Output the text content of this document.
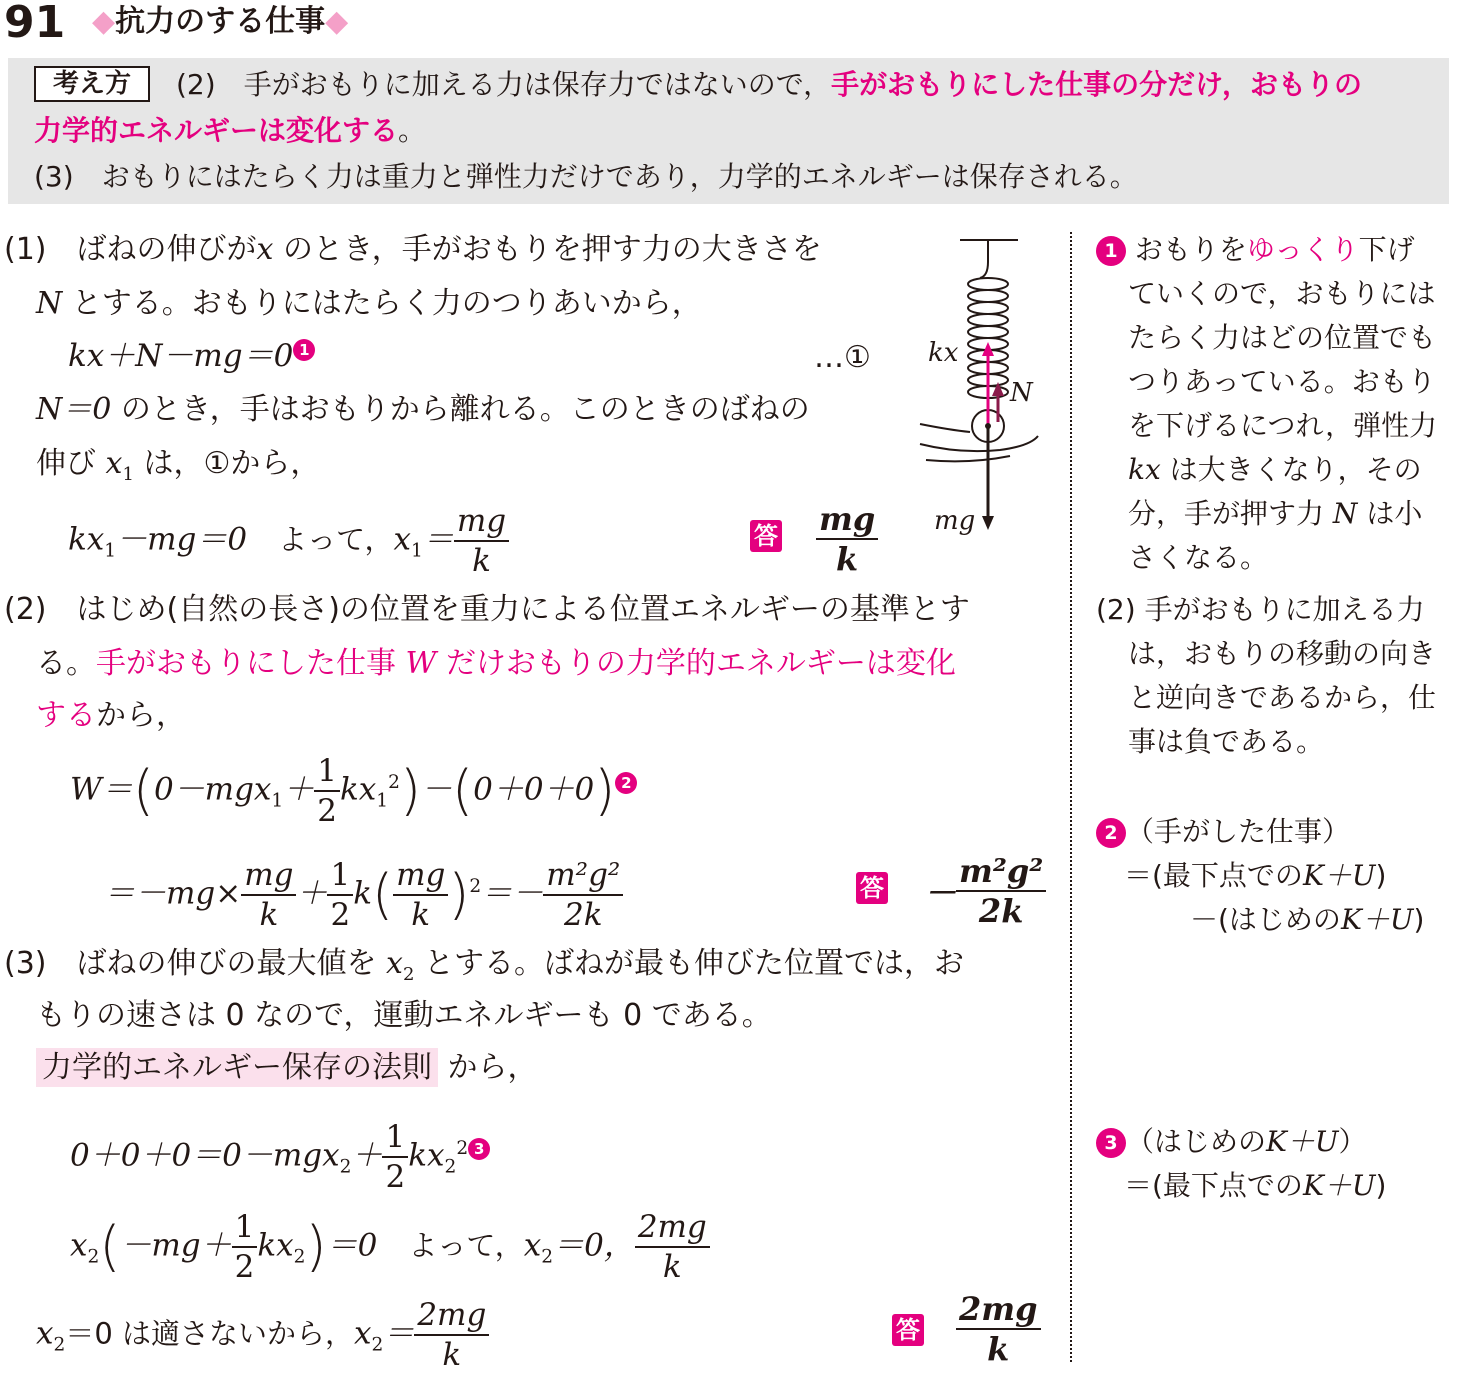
91 ◆抗力のする仕事◆
考え方	(2)　 手がおもりに加える力は保存力ではないので，手がおもりにした仕事の分だけ，おもりの
力学的エネルギーは変化する。
(3)　 おもりにはたらく力は重力と弾性力だけであり，力学的エネルギーは保存される。
(1)　 ばねの伸びがx のとき，手がおもりを押す力の大きさを
N とする。おもりにはたらく力のつりあいから，
kx＋N－mg＝0 1	…①
N＝0 のとき，手はおもりから離れる。このときのばねの
伸び $x_1$ は，①から，
$kx_1-mg=0$　 よって，$x_1= \frac{mg}{k}$	答 $\frac{mg}{k}$
kx
N
mg
(2)　 はじめ(自然の長さ)の位置を重力による位置エネルギーの基準とす
る。手がおもりにした仕事 W だけおもりの力学的エネルギーは変化
するから，
$W=(0-mgx_1+ \frac{1}{2} kx_1^2)-(0+0+0)$ 2
$=-mg\times \frac{mg}{k} + \frac{1}{2} k( \frac{mg}{k} )^2=- \frac{\text{m²g²}}{2k}$	答 － $\frac{\text{m²g²}}{2k}$
(3)　 ばねの伸びの最大値を $x_2$ とする。ばねが最も伸びた位置では，お
もりの速さは 0 なので，運動エネルギーも 0 である。
力学的エネルギー保存の法則 から，
$0+0+0=0-mgx_2+ \frac{1}{2} kx_2^2$ 3
$x_2(-mg+ \frac{1}{2} kx_2)=0$　 よって，$x_2=0$， $\frac{2mg}{k}$
$x_2=0$ は適さないから，$x_2= \frac{2mg}{k}$	答 $\frac{2mg}{k}$
1 おもりをゆっくり下げ
ていくので，おもりには
たらく力はどの位置でも
つりあっている。おもり
を下げるにつれ，弾性力
kx は大きくなり，その
分，手が押す力 N は小
さくなる。
(2) 手がおもりに加える力
は，おもりの移動の向き
と逆向きであるから，仕
事は負である。
2 （手がした仕事）
＝(最下点でのK＋U)
－(はじめのK＋U)
3 （はじめのK＋U）
＝(最下点でのK＋U)
